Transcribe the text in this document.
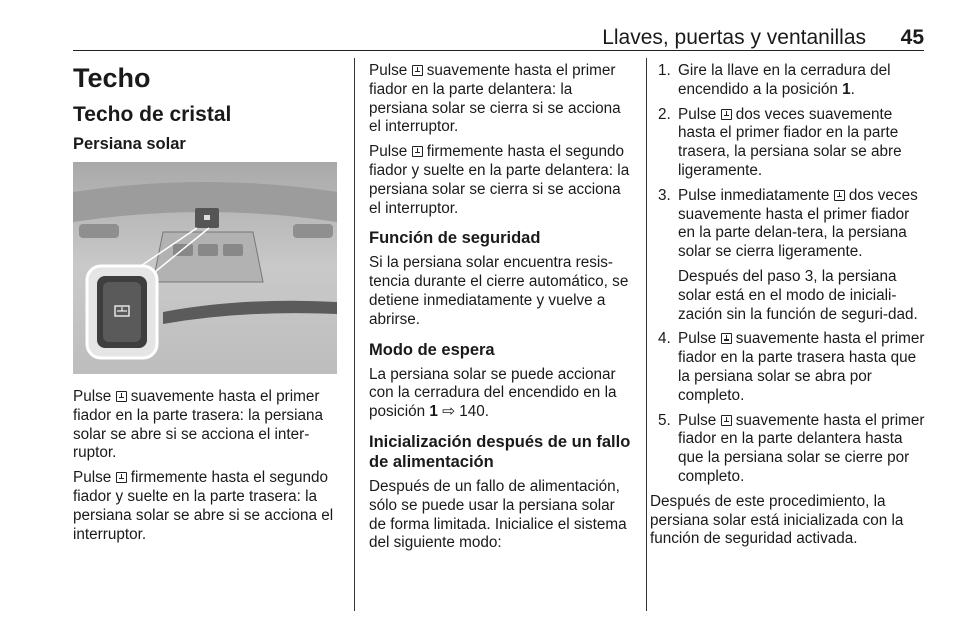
Llaves, puertas y ventanillas 45
Techo
Techo de cristal
Persiana solar

Pulse  suavemente hasta el primer fiador en la parte trasera: la persiana solar se abre si se acciona el inter-ruptor.

Pulse  firmemente hasta el segundo fiador y suelte en la parte trasera: la persiana solar se abre si se acciona el interruptor.

Pulse  suavemente hasta el primer fiador en la parte delantera: la persiana solar se cierra si se acciona el interruptor.

Pulse  firmemente hasta el segundo fiador y suelte en la parte delantera: la persiana solar se cierra si se acciona el interruptor.

Función de seguridad

Si la persiana solar encuentra resis-tencia durante el cierre automático, se detiene inmediatamente y vuelve a abrirse.

Modo de espera

La persiana solar se puede accionar con la cerradura del encendido en la posición 1 ⇨ 140.

Inicialización después de un fallo de alimentación

Después de un fallo de alimentación, sólo se puede usar la persiana solar de forma limitada. Inicialice el sistema del siguiente modo:

1. Gire la llave en la cerradura del encendido a la posición 1.
2. Pulse  dos veces suavemente hasta el primer fiador en la parte trasera, la persiana solar se abre ligeramente.
3. Pulse inmediatamente  dos veces suavemente hasta el primer fiador en la parte delan-tera, la persiana solar se cierra ligeramente.

Después del paso 3, la persiana solar está en el modo de iniciali-zación sin la función de seguri-dad.

4. Pulse  suavemente hasta el primer fiador en la parte trasera hasta que la persiana solar se abra por completo.
5. Pulse  suavemente hasta el primer fiador en la parte delantera hasta que la persiana solar se cierre por completo.

Después de este procedimiento, la persiana solar está inicializada con la función de seguridad activada.
